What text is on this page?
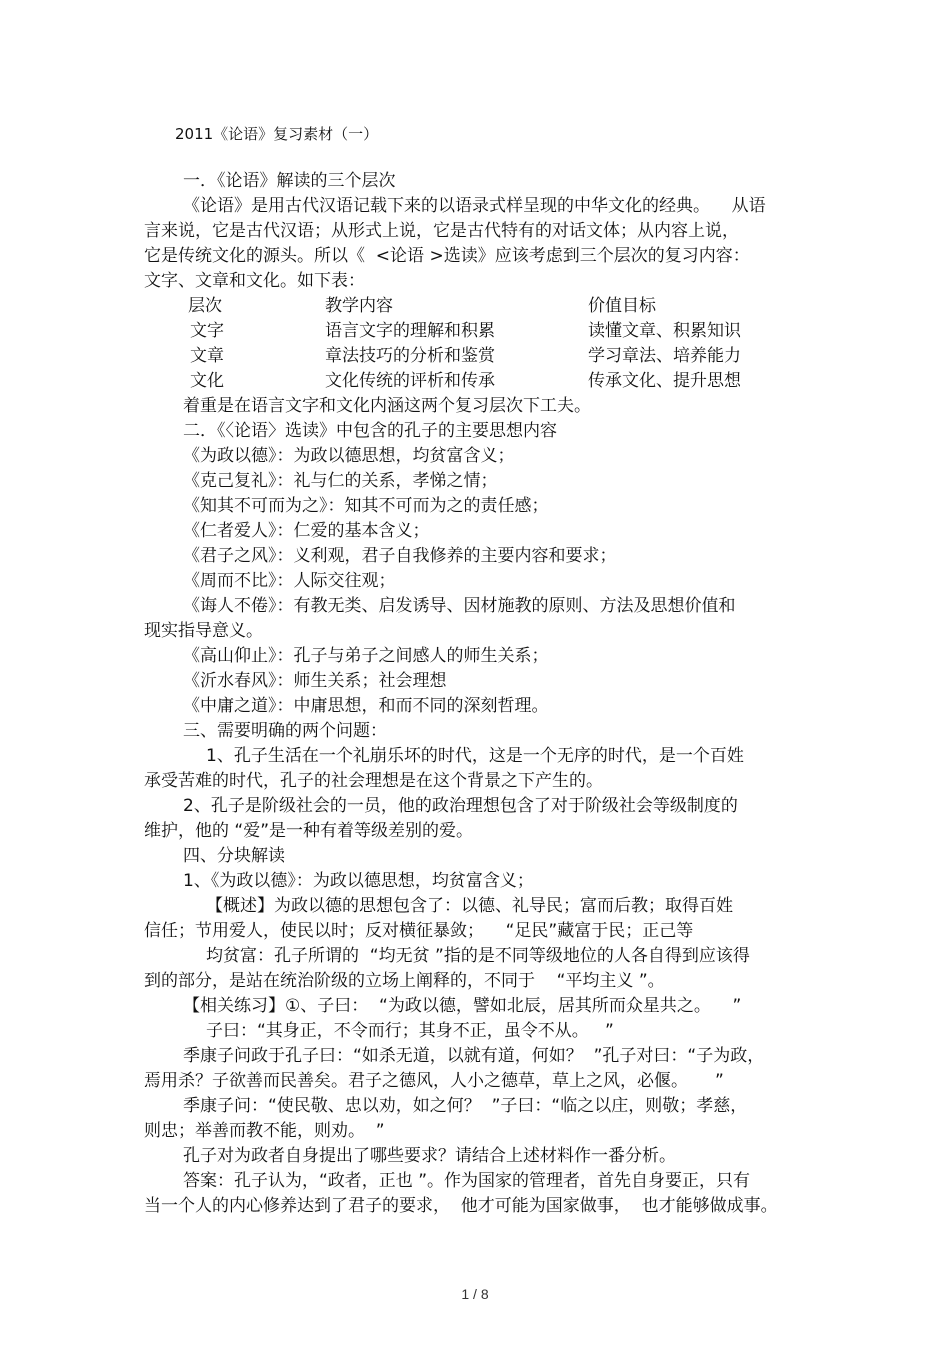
2011《论语》复习素材（一）
一．《论语》解读的三个层次
《论语》是用古代汉语记载下来的以语录式样呈现的中华文化的经典。    从语
言来说，它是古代汉语；从形式上说，它是古代特有的对话文体；从内容上说，
它是传统文化的源头。所以《  <论语 >选读》应该考虑到三个层次的复习内容：
文字、文章和文化。如下表：
层次	教学内容	价值目标
文字	语言文字的理解和积累	读懂文章、积累知识
文章	章法技巧的分析和鉴赏	学习章法、培养能力
文化	文化传统的评析和传承	传承文化、提升思想
着重是在语言文字和文化内涵这两个复习层次下工夫。
二．《〈论语〉选读》中包含的孔子的主要思想内容
《为政以德》：为政以德思想，均贫富含义；
《克己复礼》：礼与仁的关系，孝悌之情；
《知其不可而为之》：知其不可而为之的责任感；
《仁者爱人》：仁爱的基本含义；
《君子之风》：义利观，君子自我修养的主要内容和要求；
《周而不比》：人际交往观；
《诲人不倦》：有教无类、启发诱导、因材施教的原则、方法及思想价值和
现实指导意义。
《高山仰止》：孔子与弟子之间感人的师生关系；
《沂水春风》：师生关系；社会理想
《中庸之道》：中庸思想，和而不同的深刻哲理。
三、需要明确的两个问题：
1、孔子生活在一个礼崩乐坏的时代，这是一个无序的时代，是一个百姓
承受苦难的时代，孔子的社会理想是在这个背景之下产生的。
2、孔子是阶级社会的一员，他的政治理想包含了对于阶级社会等级制度的
维护，他的 “爱”是一种有着等级差别的爱。
四、分块解读
1、《为政以德》：为政以德思想，均贫富含义；
【概述】为政以德的思想包含了：以德、礼导民；富而后教；取得百姓
信任；节用爱人，使民以时；反对横征暴敛；    “足民”藏富于民；正己等
均贫富：孔子所谓的  “均无贫 ”指的是不同等级地位的人各自得到应该得
到的部分，是站在统治阶级的立场上阐释的，不同于    “平均主义 ”。
【相关练习】①、子曰：  “为政以德，譬如北辰，居其所而众星共之。    ”
子曰：“其身正，不令而行；其身不正，虽令不从。   ”
季康子问政于孔子曰：“如杀无道，以就有道，何如？  ”孔子对曰：“子为政，
焉用杀？子欲善而民善矣。君子之德风，人小之德草，草上之风，必偃。     ”
季康子问：“使民敬、忠以劝，如之何？  ”子曰：“临之以庄，则敬；孝慈，
则忠；举善而教不能，则劝。  ”
孔子对为政者自身提出了哪些要求？请结合上述材料作一番分析。
答案：孔子认为，“政者，正也 ”。作为国家的管理者，首先自身要正，只有
当一个人的内心修养达到了君子的要求，  他才可能为国家做事，  也才能够做成事。
1 / 8
